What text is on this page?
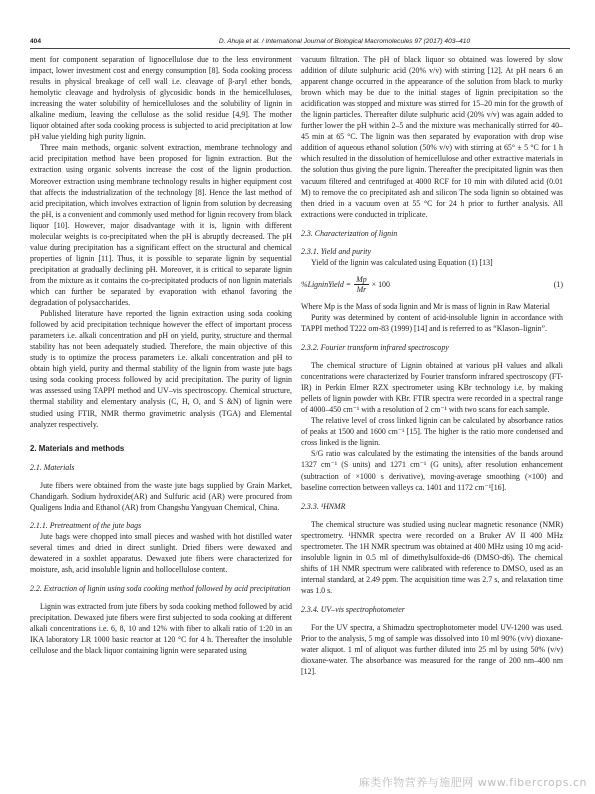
404	D. Ahuja et al. / International Journal of Biological Macromolecules 97 (2017) 403–410

ment for component separation of lignocellulose due to the less environment impact, lower investment cost and energy consumption [8]. Soda cooking process results in physical breakage of cell wall i.e. cleavage of β-aryl ether bonds, hemolytic cleavage and hydrolysis of glycosidic bonds in the hemicelluloses, increasing the water solubility of hemicelluloses and the solubility of lignin in alkaline medium, leaving the cellulose as the solid residue [4,9]. The mother liquor obtained after soda cooking process is subjected to acid precipitation at low pH value yielding high purity lignin.

Three main methods, organic solvent extraction, membrane technology and acid precipitation method have been proposed for lignin extraction. But the extraction using organic solvents increase the cost of the lignin production. Moreover extraction using membrane technology results in higher equipment cost that affects the industrialization of the technology [8]. Hence the last method of acid precipitation, which involves extraction of lignin from solution by decreasing the pH, is a convenient and commonly used method for lignin recovery from black liquor [10]. However, major disadvantage with it is, lignin with different molecular weights is co-precipitated when the pH is abruptly decreased. The pH value during precipitation has a significant effect on the structural and chemical properties of lignin [11]. Thus, it is possible to separate lignin by sequential precipitation at gradually declining pH. Moreover, it is critical to separate lignin from the mixture as it contains the co-precipitated products of non lignin materials which can further be separated by evaporation with ethanol favoring the degradation of polysaccharides.

Published literature have reported the lignin extraction using soda cooking followed by acid precipitation technique however the effect of important process parameters i.e. alkali concentration and pH on yield, purity, structure and thermal stability has not been adequately studied. Therefore, the main objective of this study is to optimize the process parameters i.e. alkali concentration and pH to obtain high yield, purity and thermal stability of the lignin from waste jute bags using soda cooking process followed by acid precipitation. The purity of lignin was assessed using TAPPI method and UV–vis spectroscopy. Chemical structure, thermal stability and elementary analysis (C, H, O, and S &N) of lignin were studied using FTIR, NMR thermo gravimetric analysis (TGA) and Elemental analyzer respectively.

2. Materials and methods
2.1. Materials

Jute fibers were obtained from the waste jute bags supplied by Grain Market, Chandigarh. Sodium hydroxide(AR) and Sulfuric acid (AR) were procured from Qualigens India and Ethanol (AR) from Changshu Yangyuan Chemical, China.

2.1.1. Pretreatment of the jute bags

Jute bags were chopped into small pieces and washed with hot distilled water several times and dried in direct sunlight. Dried fibers were dewaxed and dewatered in a soxhlet apparatus. Dewaxed jute fibers were characterized for moisture, ash, acid insoluble lignin and hollocellulose content.

2.2. Extraction of lignin using soda cooking method followed by acid precipitation

Lignin was extracted from jute fibers by soda cooking method followed by acid precipitation. Dewaxed jute fibers were first subjected to soda cooking at different alkali concentrations i.e. 6, 8, 10 and 12% with fiber to alkali ratio of 1:20 in an IKA laboratory LR 1000 basic reactor at 120 °C for 4 h. Thereafter the insoluble cellulose and the black liquor containing lignin were separated using

vacuum filtration. The pH of black liquor so obtained was lowered by slow addition of dilute sulphuric acid (20% v/v) with stirring [12]. At pH nears 6 an apparent change occurred in the appearance of the solution from black to murky brown which may be due to the initial stages of lignin precipitation so the acidification was stopped and mixture was stirred for 15–20 min for the growth of the lignin particles. Thereafter dilute sulphuric acid (20% v/v) was again added to further lower the pH within 2–5 and the mixture was mechanically stirred for 40–45 min at 65 °C. The lignin was then separated by evaporation with drop wise addition of aqueous ethanol solution (50% v/v) with stirring at 65° ± 5 °C for 1 h which resulted in the dissolution of hemicellulose and other extractive materials in the solution thus giving the pure lignin. Thereafter the precipitated lignin was then vacuum filtered and centrifuged at 4000 RCF for 10 min with diluted acid (0.01 M) to remove the co precipitated ash and silicon The soda lignin so obtained was then dried in a vacuum oven at 55 °C for 24 h prior to further analysis. All extractions were conducted in triplicate.

2.3. Characterization of lignin
2.3.1. Yield and purity

Yield of the lignin was calculated using Equation (1) [13]

%LigninYield = $\frac{Mp}{Mr} \times 100$	(1)

Where Mp is the Mass of soda lignin and Mr is mass of lignin in Raw Material

Purity was determined by content of acid-insoluble lignin in accordance with TAPPI method T222 om-83 (1999) [14] and is referred to as “Klason–lignin”.

2.3.2. Fourier transform infrared spectroscopy

The chemical structure of Lignin obtained at various pH values and alkali concentrations were characterized by Fourier transform infrared spectroscopy (FT-IR) in Perkin Elmer RZX spectrometer using KBr technology i.e. by making pellets of lignin powder with KBr. FTIR spectra were recorded in a spectral range of 4000–450 cm⁻¹ with a resolution of 2 cm⁻¹ with two scans for each sample.

The relative level of cross linked lignin can be calculated by absorbance ratios of peaks at 1500 and 1600 cm⁻¹ [15]. The higher is the ratio more condensed and cross linked is the lignin.

S/G ratio was calculated by the estimating the intensities of the bands around 1327 cm⁻¹ (S units) and 1271 cm⁻¹ (G units), after resolution enhancement (subtraction of ×1000 s derivative), moving-average smoothing (×100) and baseline correction between valleys ca. 1401 and 1172 cm⁻¹[16].

2.3.3. ¹HNMR

The chemical structure was studied using nuclear magnetic resonance (NMR) spectrometry. ¹HNMR spectra were recorded on a Bruker AV II 400 MHz spectrometer. The 1H NMR spectrum was obtained at 400 MHz using 10 mg acid-insoluble lignin in 0.5 ml of dimethylsulfoxide-d6 (DMSO-d6). The chemical shifts of 1H NMR spectrum were calibrated with reference to DMSO, used as an internal standard, at 2.49 ppm. The acquisition time was 2.7 s, and relaxation time was 1.0 s.

2.3.4. UV–vis spectrophotometer

For the UV spectra, a Shimadzu spectrophotometer model UV-1200 was used. Prior to the analysis, 5 mg of sample was dissolved into 10 ml 90% (v/v) dioxane-water aliquot. 1 ml of aliquot was further diluted into 25 ml by using 50% (v/v) dioxane-water. The absorbance was measured for the range of 200 nm–400 nm [12].

麻类作物营养与施肥网 www.fibercrops.cn
